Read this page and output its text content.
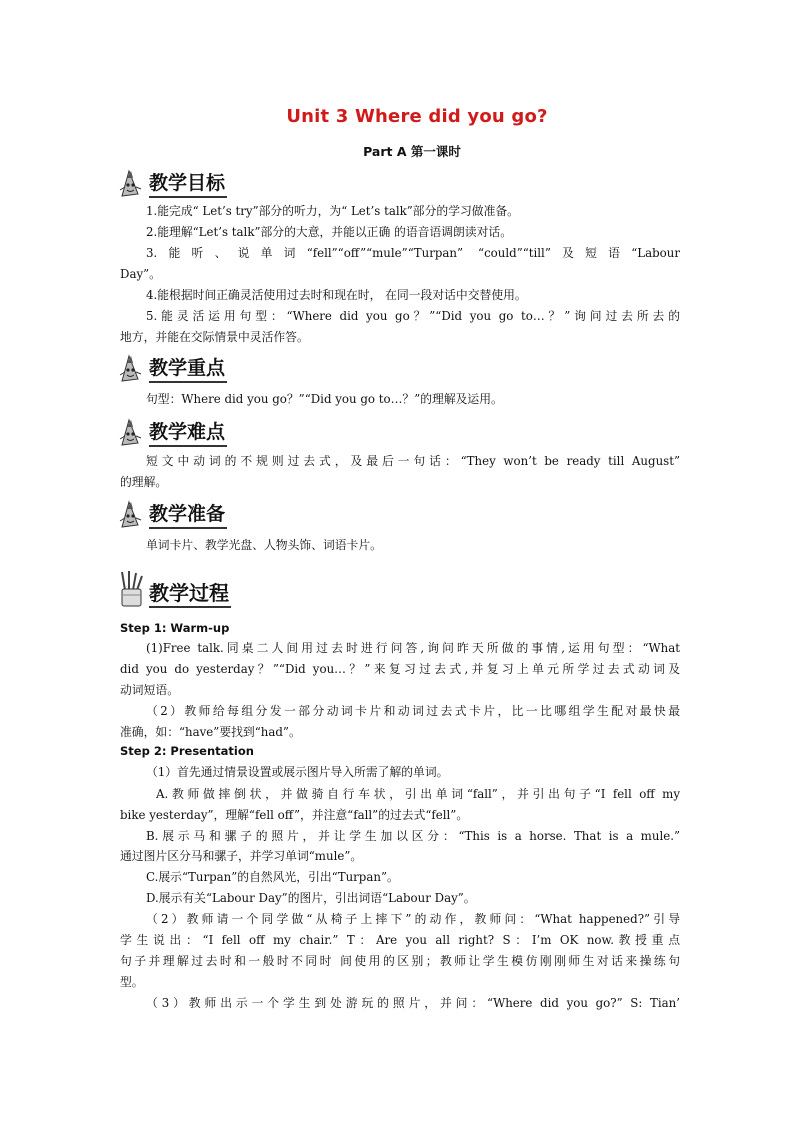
Unit 3 Where did you go?
Part A 第一课时
教学目标
1.能完成“ Let’s try”部分的听力，为“ Let’s talk”部分的学习做准备。
2.能理解“Let’s talk”部分的大意，并能以正确 的语音语调朗读对话。
3.能听、说单词“fell”“off”“mule”“Turpan” “could”“till”及短语“Labour
Day”。
4.能根据时间正确灵活使用过去时和现在时， 在同一段对话中交替使用。
5.能灵活运用句型：“Where did you go？”“Did you go to…？”询问过去所去的
地方，并能在交际情景中灵活作答。
教学重点
句型：Where did you go？”“Did you go to…？”的理解及运用。
教学难点
短文中动词的不规则过去式，及最后一句话：“They won’t be ready till August”
的理解。
教学准备
单词卡片、教学光盘、人物头饰、词语卡片。
教学过程
Step 1: Warm-up
(1)Free talk.同桌二人间用过去时进行问答,询问昨天所做的事情,运用句型：“What
did you do yesterday？”“Did you…？”来复习过去式,并复习上单元所学过去式动词及
动词短语。
（2）教师给每组分发一部分动词卡片和动词过去式卡片，比一比哪组学生配对最快最
准确，如：“have”要找到“had”。
Step 2: Presentation
（1）首先通过情景设置或展示图片导入所需了解的单词。
A.教师做摔倒状，并做骑自行车状，引出单词“fall”，并引出句子“I fell off my
bike yesterday”，理解“fell off”，并注意“fall”的过去式“fell”。
B.展示马和骡子的照片，并让学生加以区分：“This is a horse. That is a mule.”
通过图片区分马和骡子，并学习单词“mule”。
C.展示“Turpan”的自然风光，引出“Turpan”。
D.展示有关“Labour Day”的图片，引出词语“Labour Day”。
（2）教师请一个同学做“从椅子上摔下”的动作，教师问：“What happened?”引导
学生说出：“I fell off my chair.” T：Are you all right? S：I’m OK now.教授重点
句子并理解过去时和一般时不同时 间使用的区别；教师让学生模仿刚刚师生对话来操练句
型。
（3）教师出示一个学生到处游玩的照片，并问：“Where did you go?” S: Tian’
